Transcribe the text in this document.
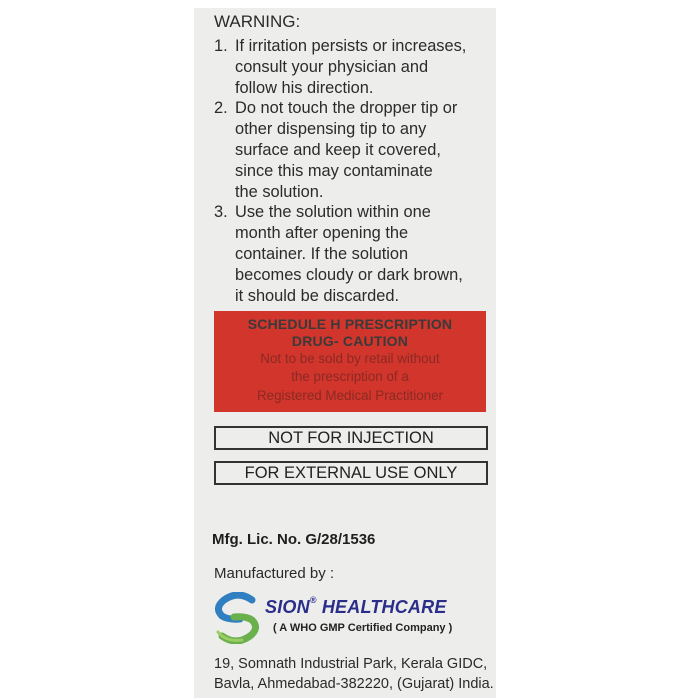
WARNING:
1. If irritation persists or increases,
consult your physician and
follow his direction.
2. Do not touch the dropper tip or
other dispensing tip to any
surface and keep it covered,
since this may contaminate
the solution.
3. Use the solution within one
month after opening the
container. If the solution
becomes cloudy or dark brown,
it should be discarded.
SCHEDULE H PRESCRIPTION
DRUG- CAUTION
Not to be sold by retail without
the prescription of a
Registered Medical Practitioner
NOT FOR INJECTION
FOR EXTERNAL USE ONLY
Mfg. Lic. No. G/28/1536
Manufactured by :
SION® HEALTHCARE
( A WHO GMP Certified Company )
19, Somnath Industrial Park, Kerala GIDC,
Bavla, Ahmedabad-382220, (Gujarat) India.
